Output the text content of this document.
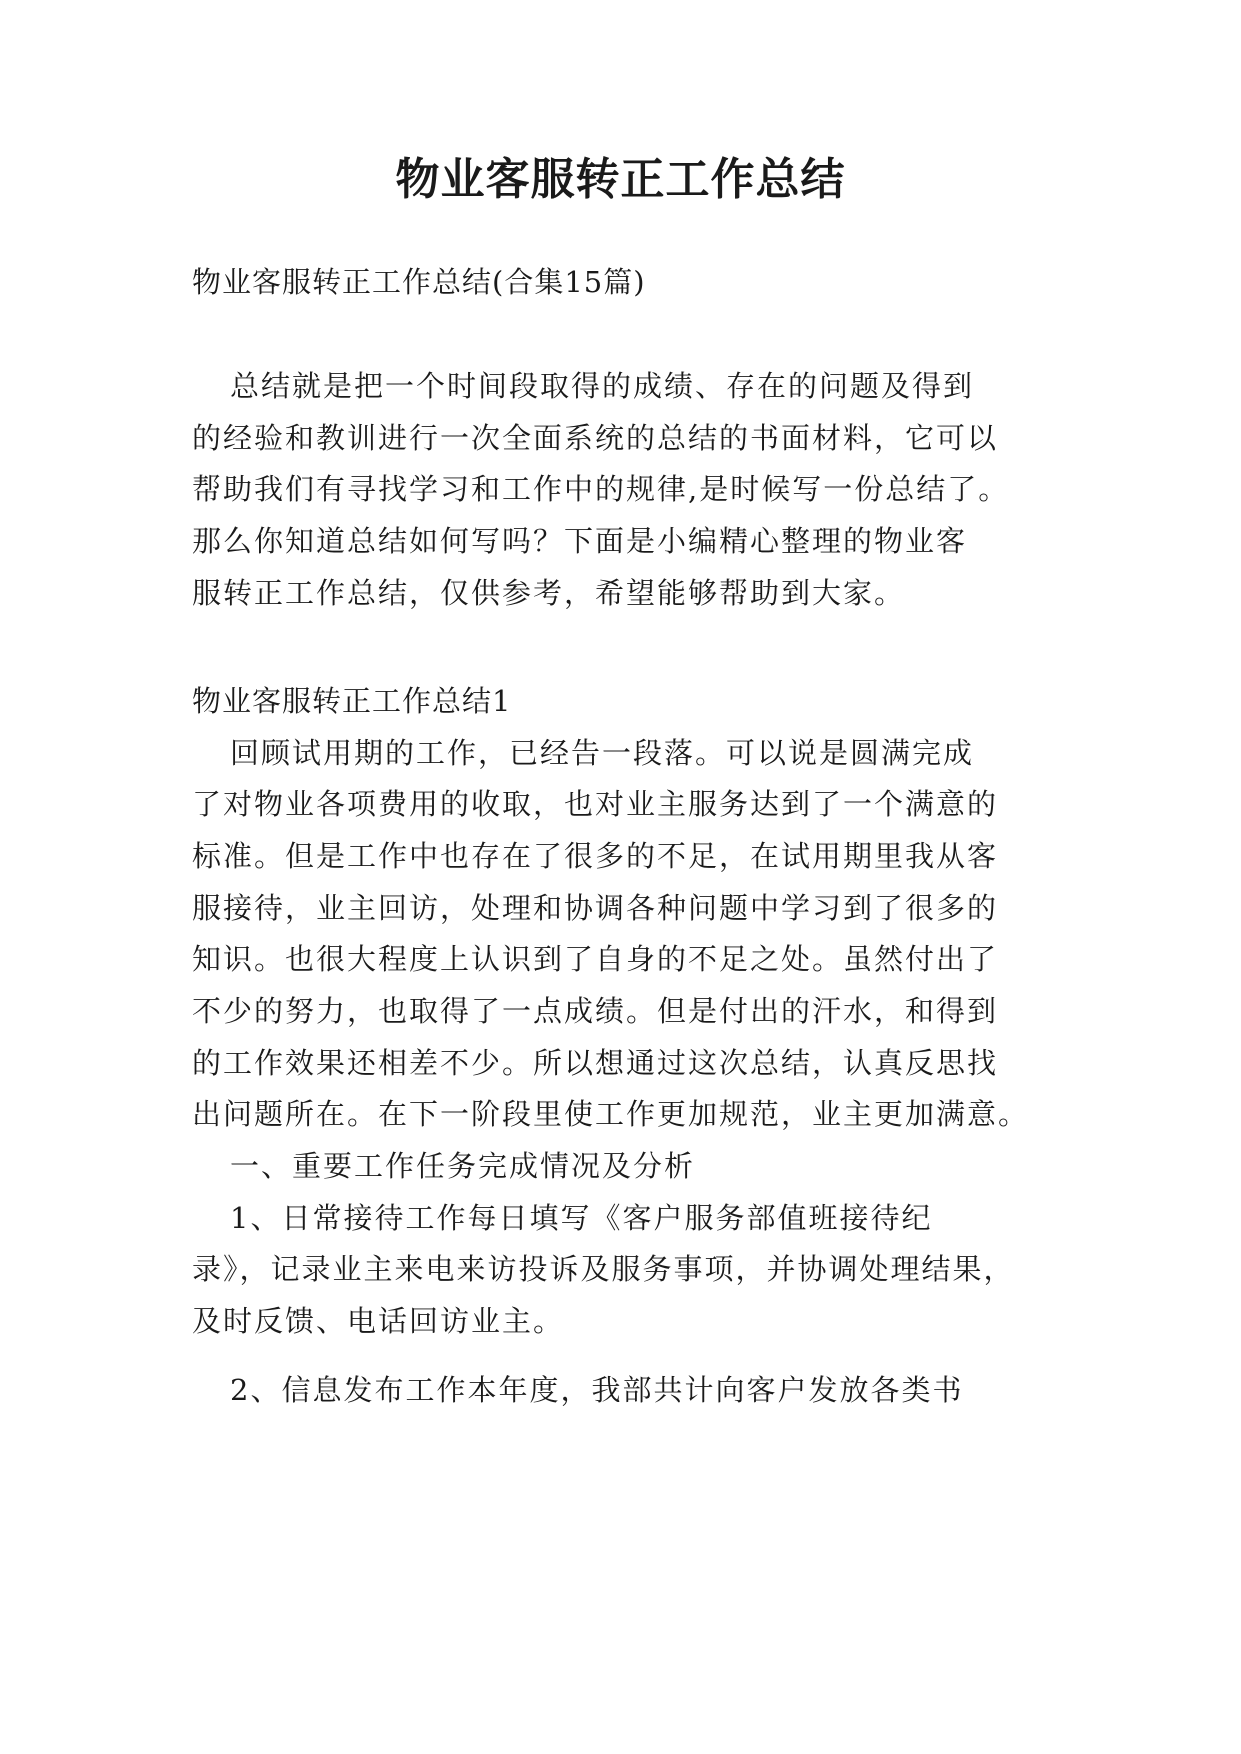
物业客服转正工作总结
物业客服转正工作总结(合集15篇)
总结就是把一个时间段取得的成绩、存在的问题及得到
的经验和教训进行一次全面系统的总结的书面材料，它可以
帮助我们有寻找学习和工作中的规律,是时候写一份总结了。
那么你知道总结如何写吗？下面是小编精心整理的物业客
服转正工作总结，仅供参考，希望能够帮助到大家。
物业客服转正工作总结1
回顾试用期的工作，已经告一段落。可以说是圆满完成
了对物业各项费用的收取，也对业主服务达到了一个满意的
标准。但是工作中也存在了很多的不足，在试用期里我从客
服接待，业主回访，处理和协调各种问题中学习到了很多的
知识。也很大程度上认识到了自身的不足之处。虽然付出了
不少的努力，也取得了一点成绩。但是付出的汗水，和得到
的工作效果还相差不少。所以想通过这次总结，认真反思找
出问题所在。在下一阶段里使工作更加规范，业主更加满意。
一、重要工作任务完成情况及分析
1、日常接待工作每日填写《客户服务部值班接待纪
录》，记录业主来电来访投诉及服务事项，并协调处理结果，
及时反馈、电话回访业主。
2、信息发布工作本年度，我部共计向客户发放各类书
